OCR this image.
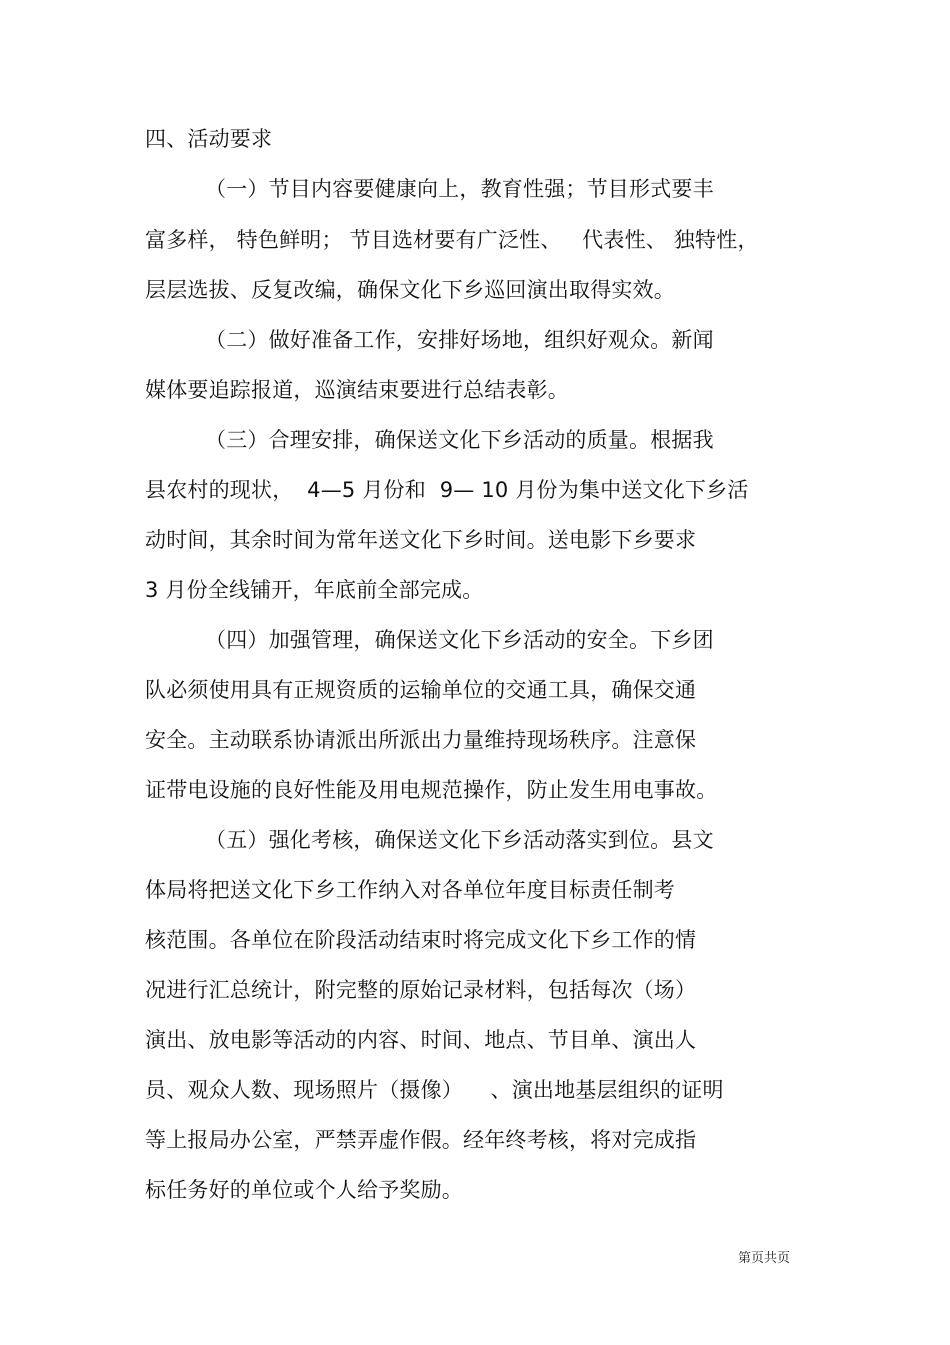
四、活动要求
（一）节目内容要健康向上，教育性强；节目形式要丰
富多样， 特色鲜明； 节目选材要有广泛性、   代表性、 独特性，
层层选拔、反复改编，确保文化下乡巡回演出取得实效。
（二）做好准备工作，安排好场地，组织好观众。新闻
媒体要追踪报道，巡演结束要进行总结表彰。
（三）合理安排，确保送文化下乡活动的质量。根据我
县农村的现状，  4—5 月份和  9— 10 月份为集中送文化下乡活
动时间，其余时间为常年送文化下乡时间。送电影下乡要求
3 月份全线铺开，年底前全部完成。
（四）加强管理，确保送文化下乡活动的安全。下乡团
队必须使用具有正规资质的运输单位的交通工具，确保交通
安全。主动联系协请派出所派出力量维持现场秩序。注意保
证带电设施的良好性能及用电规范操作，防止发生用电事故。
（五）强化考核，确保送文化下乡活动落实到位。县文
体局将把送文化下乡工作纳入对各单位年度目标责任制考
核范围。各单位在阶段活动结束时将完成文化下乡工作的情
况进行汇总统计，附完整的原始记录材料，包括每次（场）
演出、放电影等活动的内容、时间、地点、节目单、演出人
员、观众人数、现场照片（摄像）    、演出地基层组织的证明
等上报局办公室，严禁弄虚作假。经年终考核，将对完成指
标任务好的单位或个人给予奖励。
第页共页
